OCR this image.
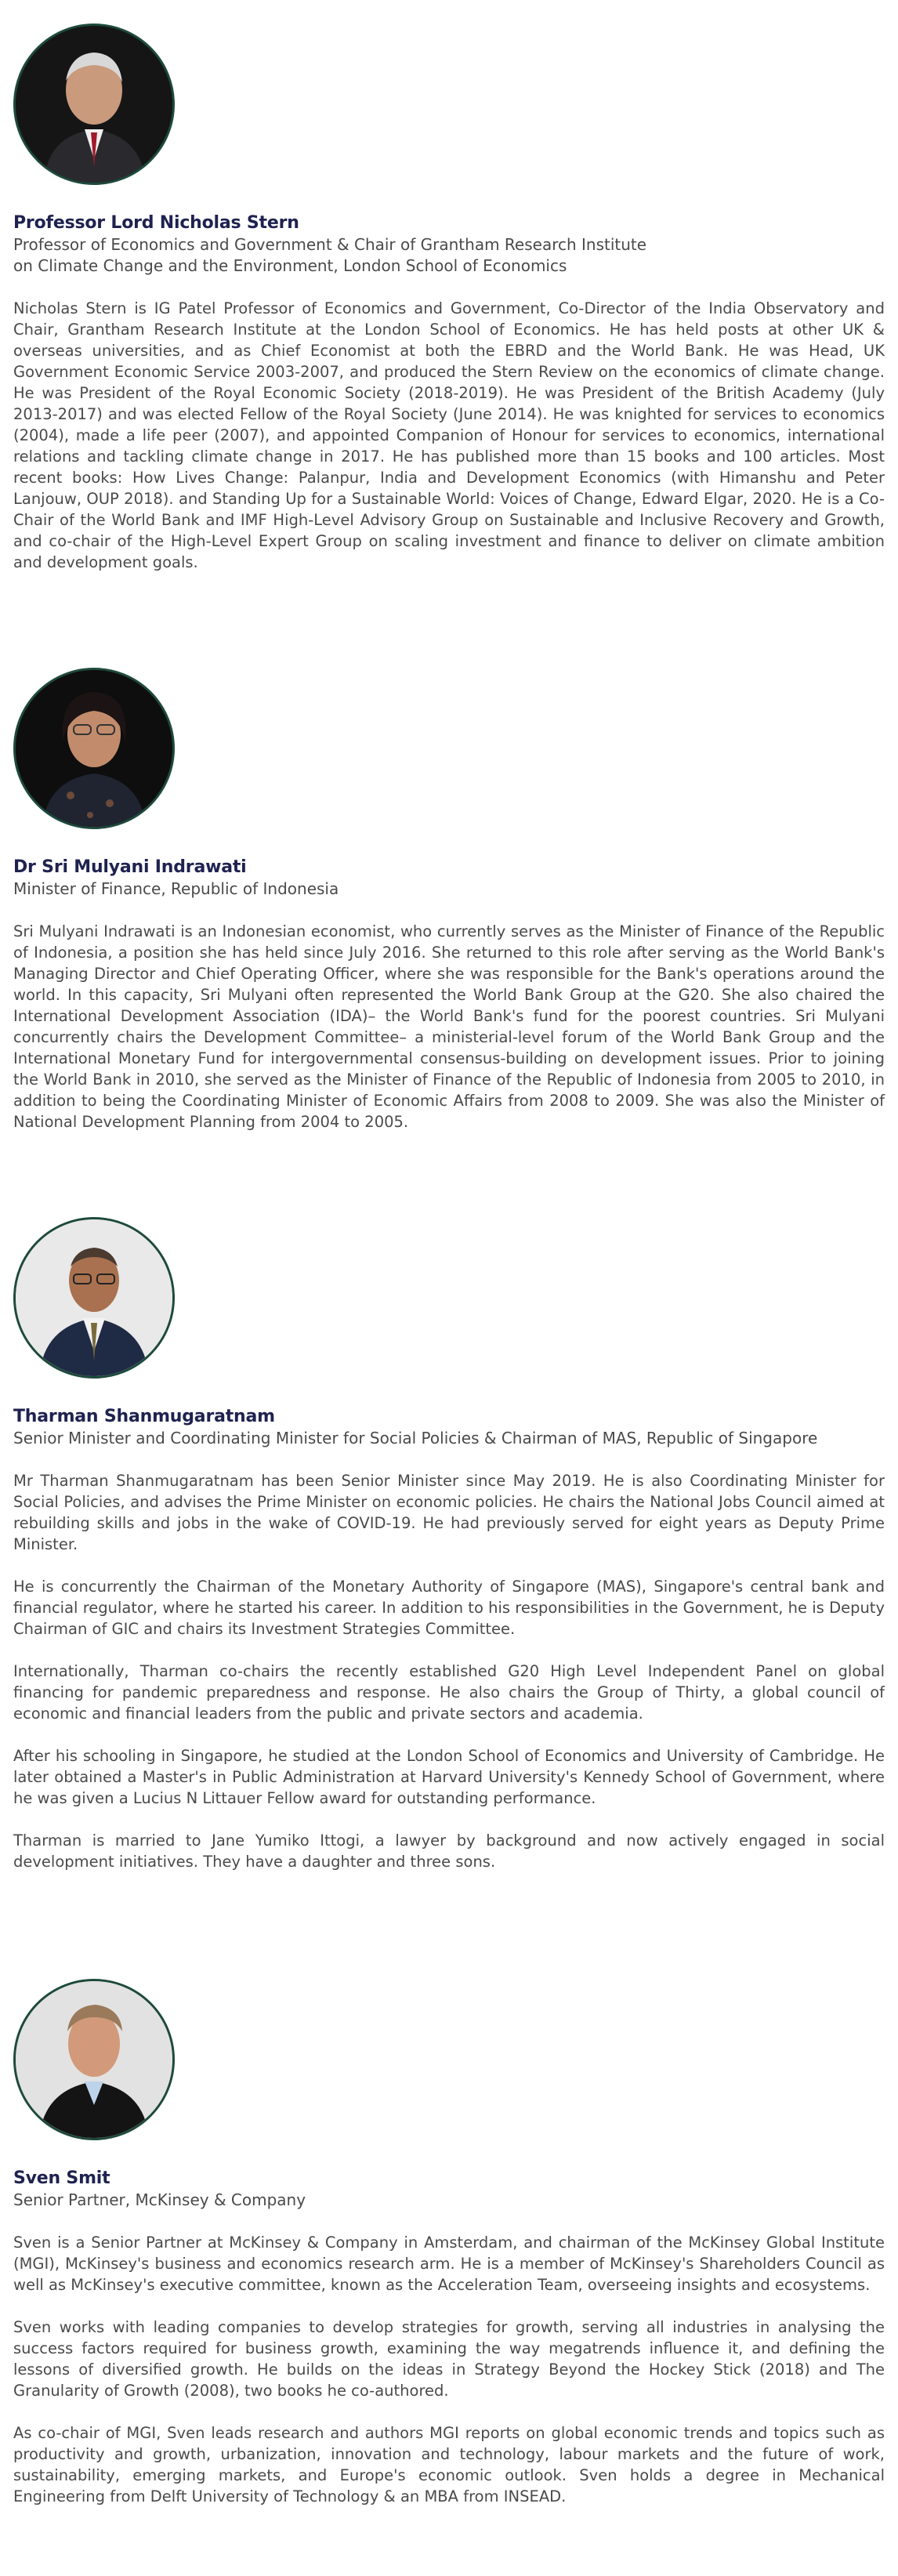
Professor Lord Nicholas Stern

Professor of Economics and Government & Chair of Grantham Research Institute
on Climate Change and the Environment, London School of Economics

Nicholas Stern is IG Patel Professor of Economics and Government, Co-Director of the India Observatory and Chair, Grantham Research Institute at the London School of Economics. He has held posts at other UK & overseas universities, and as Chief Economist at both the EBRD and the World Bank. He was Head, UK Government Economic Service 2003-2007, and produced the Stern Review on the economics of climate change. He was President of the Royal Economic Society (2018-2019). He was President of the British Academy (July 2013-2017) and was elected Fellow of the Royal Society (June 2014). He was knighted for services to economics (2004), made a life peer (2007), and appointed Companion of Honour for services to economics, international relations and tackling climate change in 2017. He has published more than 15 books and 100 articles. Most recent books: How Lives Change: Palanpur, India and Development Economics (with Himanshu and Peter Lanjouw, OUP 2018). and Standing Up for a Sustainable World: Voices of Change, Edward Elgar, 2020. He is a Co-Chair of the World Bank and IMF High-Level Advisory Group on Sustainable and Inclusive Recovery and Growth, and co-chair of the High-Level Expert Group on scaling investment and finance to deliver on climate ambition and development goals.

Dr Sri Mulyani Indrawati

Minister of Finance, Republic of Indonesia

Sri Mulyani Indrawati is an Indonesian economist, who currently serves as the Minister of Finance of the Republic of Indonesia, a position she has held since July 2016. She returned to this role after serving as the World Bank's Managing Director and Chief Operating Officer, where she was responsible for the Bank's operations around the world. In this capacity, Sri Mulyani often represented the World Bank Group at the G20. She also chaired the International Development Association (IDA)– the World Bank's fund for the poorest countries. Sri Mulyani concurrently chairs the Development Committee– a ministerial-level forum of the World Bank Group and the International Monetary Fund for intergovernmental consensus-building on development issues. Prior to joining the World Bank in 2010, she served as the Minister of Finance of the Republic of Indonesia from 2005 to 2010, in addition to being the Coordinating Minister of Economic Affairs from 2008 to 2009. She was also the Minister of National Development Planning from 2004 to 2005.

Tharman Shanmugaratnam

Senior Minister and Coordinating Minister for Social Policies & Chairman of MAS, Republic of Singapore

Mr Tharman Shanmugaratnam has been Senior Minister since May 2019. He is also Coordinating Minister for Social Policies, and advises the Prime Minister on economic policies. He chairs the National Jobs Council aimed at rebuilding skills and jobs in the wake of COVID-19. He had previously served for eight years as Deputy Prime Minister.

He is concurrently the Chairman of the Monetary Authority of Singapore (MAS), Singapore's central bank and financial regulator, where he started his career. In addition to his responsibilities in the Government, he is Deputy Chairman of GIC and chairs its Investment Strategies Committee.

Internationally, Tharman co-chairs the recently established G20 High Level Independent Panel on global financing for pandemic preparedness and response. He also chairs the Group of Thirty, a global council of economic and financial leaders from the public and private sectors and academia.

After his schooling in Singapore, he studied at the London School of Economics and University of Cambridge. He later obtained a Master's in Public Administration at Harvard University's Kennedy School of Government, where he was given a Lucius N Littauer Fellow award for outstanding performance.

Tharman is married to Jane Yumiko Ittogi, a lawyer by background and now actively engaged in social development initiatives. They have a daughter and three sons.

Sven Smit

Senior Partner, McKinsey & Company

Sven is a Senior Partner at McKinsey & Company in Amsterdam, and chairman of the McKinsey Global Institute (MGI), McKinsey's business and economics research arm. He is a member of McKinsey's Shareholders Council as well as McKinsey's executive committee, known as the Acceleration Team, overseeing insights and ecosystems.

Sven works with leading companies to develop strategies for growth, serving all industries in analysing the success factors required for business growth, examining the way megatrends influence it, and defining the lessons of diversified growth. He builds on the ideas in Strategy Beyond the Hockey Stick (2018) and The Granularity of Growth (2008), two books he co-authored.

As co-chair of MGI, Sven leads research and authors MGI reports on global economic trends and topics such as productivity and growth, urbanization, innovation and technology, labour markets and the future of work, sustainability, emerging markets, and Europe's economic outlook. Sven holds a degree in Mechanical Engineering from Delft University of Technology & an MBA from INSEAD.
